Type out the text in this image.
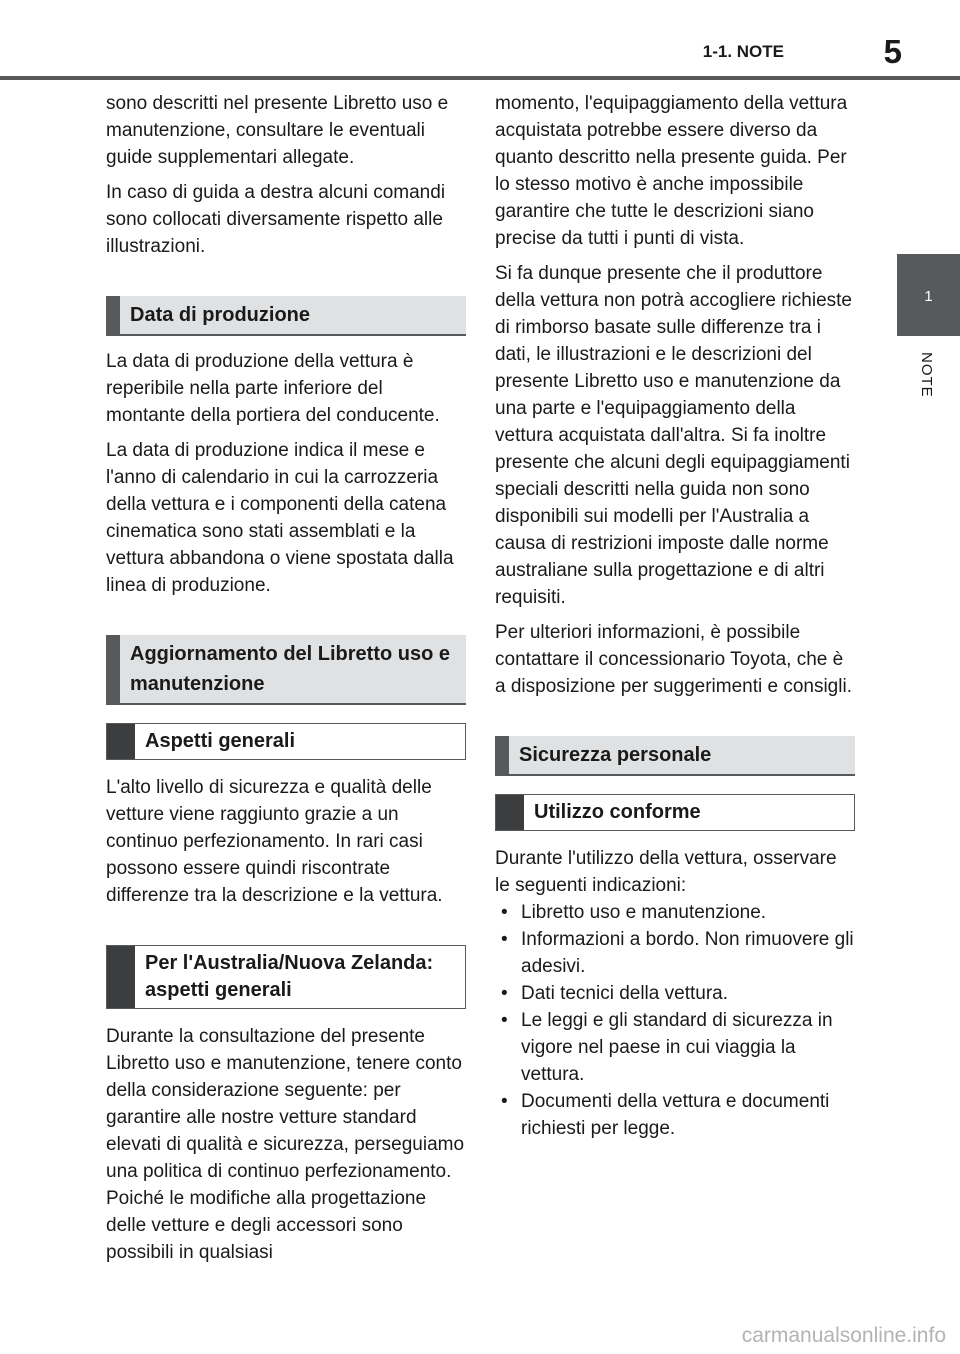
1-1. NOTE	5
1
NOTE

sono descritti nel presente Libretto uso e manutenzione, consultare le eventuali guide supplementari allegate.

In caso di guida a destra alcuni comandi sono collocati diversamente rispetto alle illustrazioni.

Data di produzione

La data di produzione della vettura è reperibile nella parte inferiore del montante della portiera del conducente.

La data di produzione indica il mese e l'anno di calendario in cui la carrozzeria della vettura e i componenti della catena cinematica sono stati assemblati e la vettura abbandona o viene spostata dalla linea di produzione.

Aggiornamento del Libretto uso e manutenzione
Aspetti generali

L'alto livello di sicurezza e qualità delle vetture viene raggiunto grazie a un continuo perfezionamento. In rari casi possono essere quindi riscontrate differenze tra la descrizione e la vettura.

Per l'Australia/Nuova Zelanda: aspetti generali

Durante la consultazione del presente Libretto uso e manutenzione, tenere conto della considerazione seguente: per garantire alle nostre vetture standard elevati di qualità e sicurezza, perseguiamo una politica di continuo perfezionamento. Poiché le modifiche alla progettazione delle vetture e degli accessori sono possibili in qualsiasi

momento, l'equipaggiamento della vettura acquistata potrebbe essere diverso da quanto descritto nella presente guida. Per lo stesso motivo è anche impossibile garantire che tutte le descrizioni siano precise da tutti i punti di vista.

Si fa dunque presente che il produttore della vettura non potrà accogliere richieste di rimborso basate sulle differenze tra i dati, le illustrazioni e le descrizioni del presente Libretto uso e manutenzione da una parte e l'equipaggiamento della vettura acquistata dall'altra. Si fa inoltre presente che alcuni degli equipaggiamenti speciali descritti nella guida non sono disponibili sui modelli per l'Australia a causa di restrizioni imposte dalle norme australiane sulla progettazione e di altri requisiti.

Per ulteriori informazioni, è possibile contattare il concessionario Toyota, che è a disposizione per suggerimenti e consigli.

Sicurezza personale
Utilizzo conforme

Durante l'utilizzo della vettura, osservare le seguenti indicazioni:

• Libretto uso e manutenzione.
• Informazioni a bordo. Non rimuovere gli adesivi.
• Dati tecnici della vettura.
• Le leggi e gli standard di sicurezza in vigore nel paese in cui viaggia la vettura.
• Documenti della vettura e documenti richiesti per legge.
carmanualsonline.info
